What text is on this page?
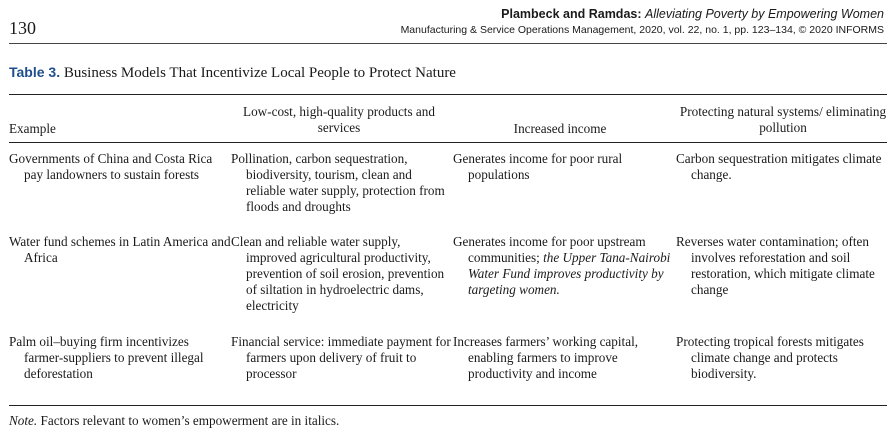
130
Plambeck and Ramdas: Alleviating Poverty by Empowering Women
Manufacturing & Service Operations Management, 2020, vol. 22, no. 1, pp. 123–134, © 2020 INFORMS
Table 3. Business Models That Incentivize Local People to Protect Nature
Example
Low-cost, high-quality products and services	Increased income
Protecting natural systems/ eliminating pollution
Governments of China and Costa Rica pay landowners to sustain forests
Pollination, carbon sequestration, biodiversity, tourism, clean and reliable water supply, protection from floods and droughts
Generates income for poor rural populations
Carbon sequestration mitigates climate change.
Water fund schemes in Latin America and Africa
Clean and reliable water supply, improved agricultural productivity, prevention of soil erosion, prevention of siltation in hydroelectric dams, electricity
Generates income for poor upstream communities; the Upper Tana-Nairobi Water Fund improves productivity by targeting women.
Reverses water contamination; often involves reforestation and soil restoration, which mitigate climate change
Palm oil–buying firm incentivizes farmer-suppliers to prevent illegal deforestation
Financial service: immediate payment for farmers upon delivery of fruit to processor
Increases farmers’ working capital, enabling farmers to improve productivity and income
Protecting tropical forests mitigates climate change and protects biodiversity.
Note. Factors relevant to women’s empowerment are in italics.
